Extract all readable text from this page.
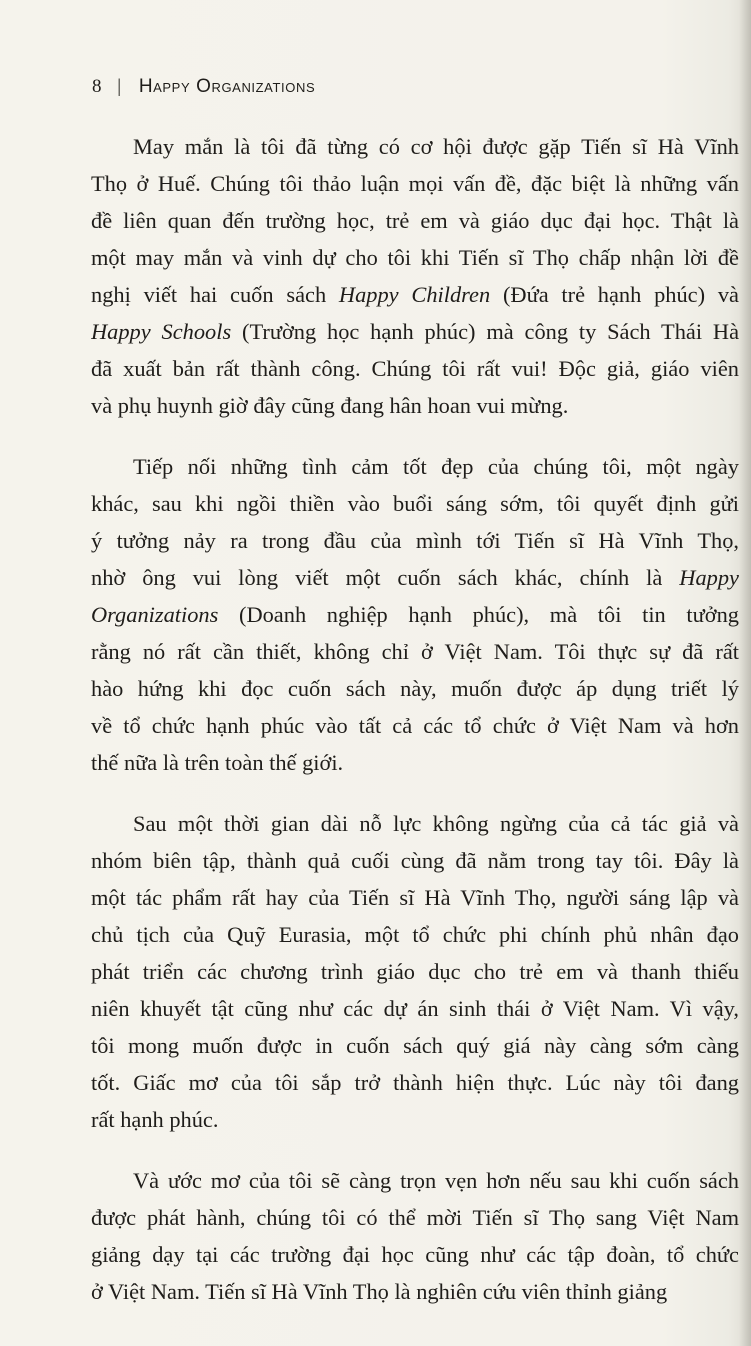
8 | Happy Organizations
May mắn là tôi đã từng có cơ hội được gặp Tiến sĩ Hà Vĩnh
Thọ ở Huế. Chúng tôi thảo luận mọi vấn đề, đặc biệt là những vấn
đề liên quan đến trường học, trẻ em và giáo dục đại học. Thật là
một may mắn và vinh dự cho tôi khi Tiến sĩ Thọ chấp nhận lời đề
nghị viết hai cuốn sách Happy Children (Đứa trẻ hạnh phúc) và
Happy Schools (Trường học hạnh phúc) mà công ty Sách Thái Hà
đã xuất bản rất thành công. Chúng tôi rất vui! Độc giả, giáo viên
và phụ huynh giờ đây cũng đang hân hoan vui mừng.
Tiếp nối những tình cảm tốt đẹp của chúng tôi, một ngày
khác, sau khi ngồi thiền vào buổi sáng sớm, tôi quyết định gửi
ý tưởng nảy ra trong đầu của mình tới Tiến sĩ Hà Vĩnh Thọ,
nhờ ông vui lòng viết một cuốn sách khác, chính là Happy
Organizations (Doanh nghiệp hạnh phúc), mà tôi tin tưởng
rằng nó rất cần thiết, không chỉ ở Việt Nam. Tôi thực sự đã rất
hào hứng khi đọc cuốn sách này, muốn được áp dụng triết lý
về tổ chức hạnh phúc vào tất cả các tổ chức ở Việt Nam và hơn
thế nữa là trên toàn thế giới.
Sau một thời gian dài nỗ lực không ngừng của cả tác giả và
nhóm biên tập, thành quả cuối cùng đã nằm trong tay tôi. Đây là
một tác phẩm rất hay của Tiến sĩ Hà Vĩnh Thọ, người sáng lập và
chủ tịch của Quỹ Eurasia, một tổ chức phi chính phủ nhân đạo
phát triển các chương trình giáo dục cho trẻ em và thanh thiếu
niên khuyết tật cũng như các dự án sinh thái ở Việt Nam. Vì vậy,
tôi mong muốn được in cuốn sách quý giá này càng sớm càng
tốt. Giấc mơ của tôi sắp trở thành hiện thực. Lúc này tôi đang
rất hạnh phúc.
Và ước mơ của tôi sẽ càng trọn vẹn hơn nếu sau khi cuốn sách
được phát hành, chúng tôi có thể mời Tiến sĩ Thọ sang Việt Nam
giảng dạy tại các trường đại học cũng như các tập đoàn, tổ chức
ở Việt Nam. Tiến sĩ Hà Vĩnh Thọ là nghiên cứu viên thỉnh giảng
